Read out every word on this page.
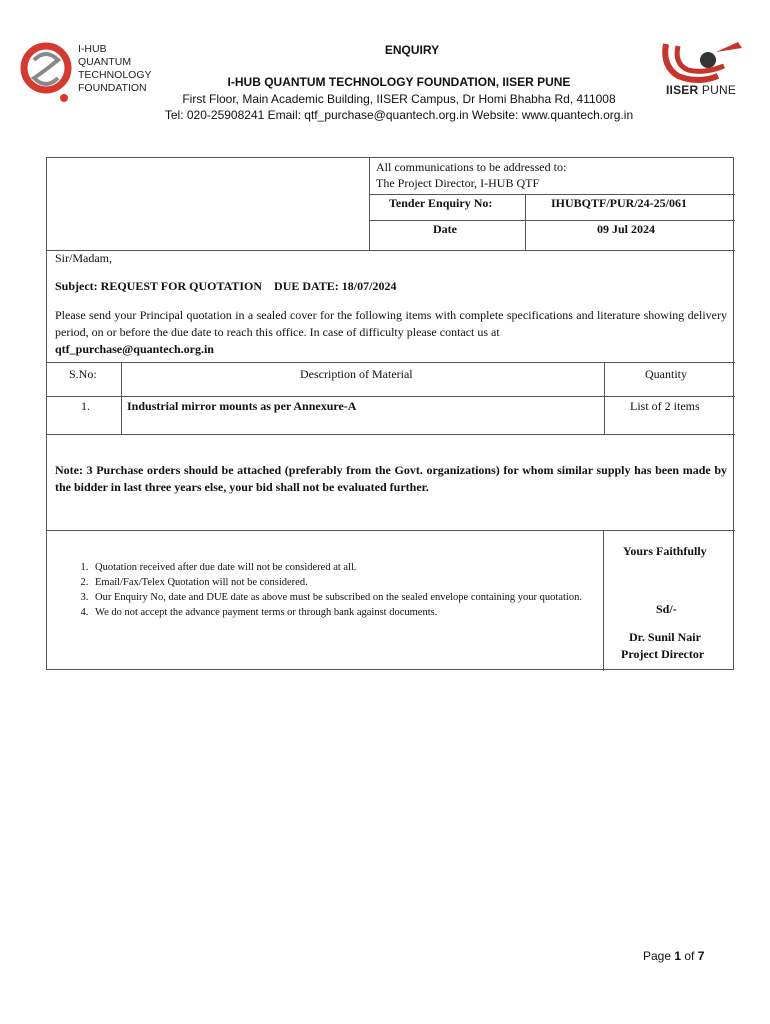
I-HUB
QUANTUM
TECHNOLOGY
FOUNDATION	IISER PUNE
ENQUIRY
I-HUB QUANTUM TECHNOLOGY FOUNDATION, IISER PUNE
First Floor, Main Academic Building, IISER Campus, Dr Homi Bhabha Rd, 411008
Tel: 020-25908241 Email: qtf_purchase@quantech.org.in Website: www.quantech.org.in
All communications to be addressed to:
The Project Director, I-HUB QTF
Tender Enquiry No:	IHUBQTF/PUR/24-25/061
Date	09 Jul 2024
Sir/Madam,
Subject: REQUEST FOR QUOTATION    DUE DATE: 18/07/2024
Please send your Principal quotation in a sealed cover for the following items with complete specifications and literature showing delivery period, on or before the due date to reach this office. In case of difficulty please contact us at
qtf_purchase@quantech.org.in
S.No:	Description of Material	Quantity
1.	Industrial mirror mounts as per Annexure-A	List of 2 items
Note: 3 Purchase orders should be attached (preferably from the Govt. organizations) for whom similar supply has been made by the bidder in last three years else, your bid shall not be evaluated further.
1. Quotation received after due date will not be considered at all.
2. Email/Fax/Telex Quotation will not be considered.
3. Our Enquiry No, date and DUE date as above must be subscribed on the sealed envelope containing your quotation.
4. We do not accept the advance payment terms or through bank against documents.
Yours Faithfully
Sd/-
Dr. Sunil Nair
Project Director
Page 1 of 7
